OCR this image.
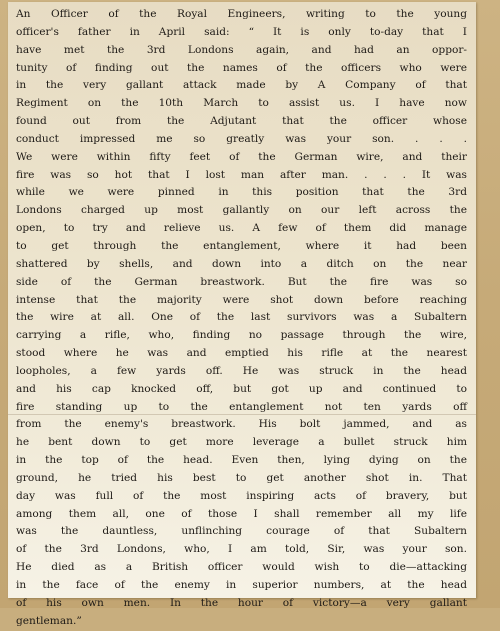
An Officer of the Royal Engineers, writing to the young
officer's father in April said: “ It is only to-day that I
have met the 3rd Londons again, and had an oppor-
tunity of finding out the names of the officers who were
in the very gallant attack made by A Company of that
Regiment on the 10th March to assist us. I have now
found out from the Adjutant that the officer whose
conduct impressed me so greatly was your son. . . .
We were within fifty feet of the German wire, and their
fire was so hot that I lost man after man. . . . It was
while we were pinned in this position that the 3rd
Londons charged up most gallantly on our left across the
open, to try and relieve us. A few of them did manage
to get through the entanglement, where it had been
shattered by shells, and down into a ditch on the near
side of the German breastwork. But the fire was so
intense that the majority were shot down before reaching
the wire at all. One of the last survivors was a Subaltern
carrying a rifle, who, finding no passage through the wire,
stood where he was and emptied his rifle at the nearest
loopholes, a few yards off. He was struck in the head
and his cap knocked off, but got up and continued to
fire standing up to the entanglement not ten yards off
from the enemy's breastwork. His bolt jammed, and as
he bent down to get more leverage a bullet struck him
in the top of the head. Even then, lying dying on the
ground, he tried his best to get another shot in. That
day was full of the most inspiring acts of bravery, but
among them all, one of those I shall remember all my life
was the dauntless, unflinching courage of that Subaltern
of the 3rd Londons, who, I am told, Sir, was your son.
He died as a British officer would wish to die—attacking
in the face of the enemy in superior numbers, at the head
of his own men. In the hour of victory—a very gallant
gentleman.”
